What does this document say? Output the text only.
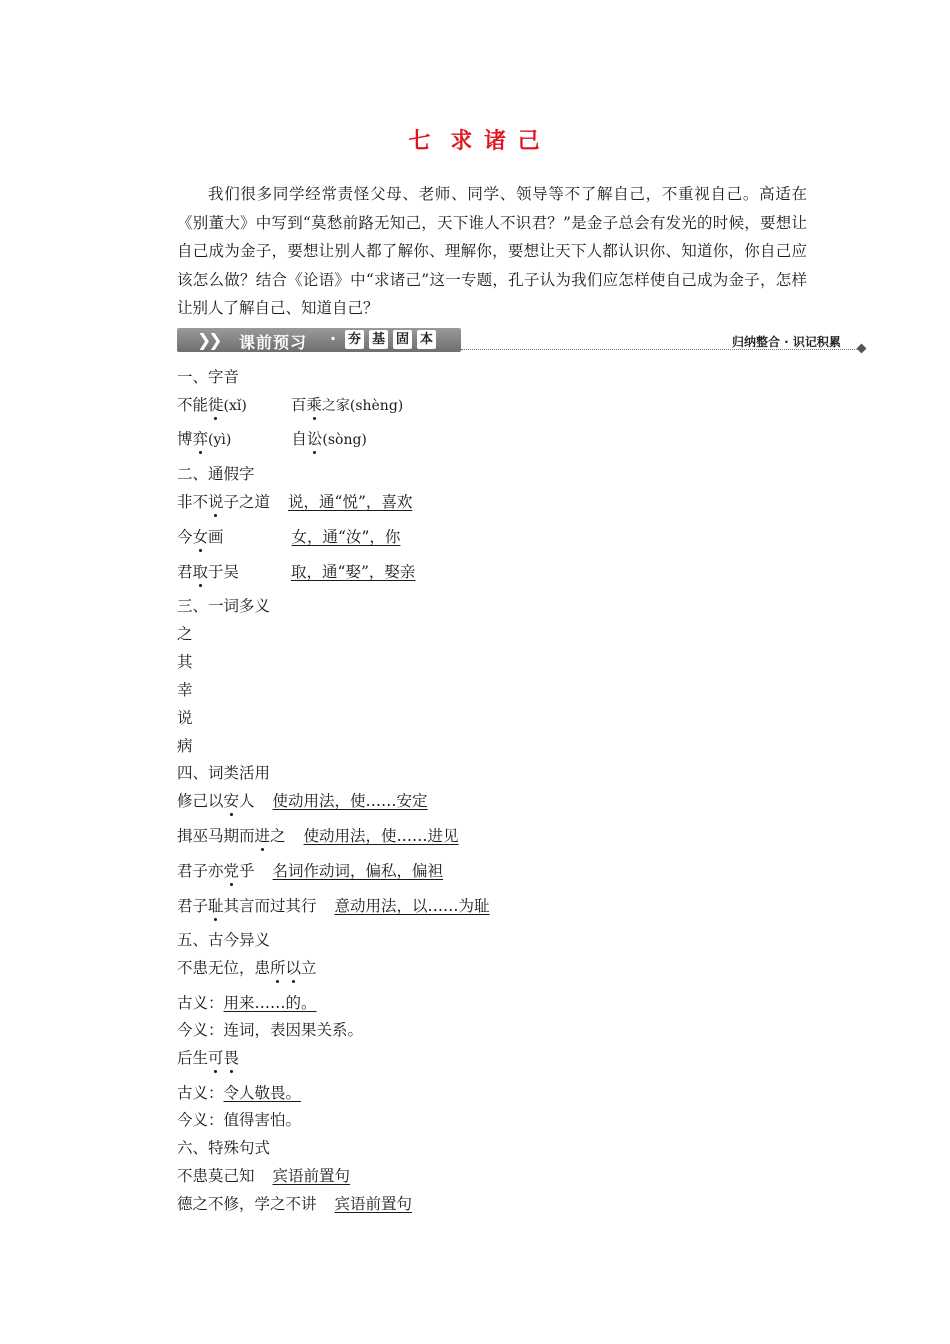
七 求 诸 己
我们很多同学经常责怪父母、老师、同学、领导等不了解自己，不重视自己。高适在《别董大》中写到“莫愁前路无知己，天下谁人不识君？”是金子总会有发光的时候，要想让自己成为金子，要想让别人都了解你、理解你，要想让天下人都认识你、知道你，你自己应该怎么做？结合《论语》中“求诸己”这一专题，孔子认为我们应怎样使自己成为金子，怎样让别人了解自己、知道自己？
❯❯ 课前预习 · 夯 基 固 本	归纳整合 · 识记积累
一、字音
不能徙(xǐ)	百乘之家(shèng)
博弈(yì)	自讼(sòng)
二、通假字
非不说子之道 说，通“悦”，喜欢
今女画	女，通“汝”，你
君取于吴	取，通“娶”，娶亲
三、一词多义
之
其
幸
说
病
四、词类活用
修己以安人 使动用法，使……安定
揖巫马期而进之 使动用法，使……进见
君子亦党乎 名词作动词，偏私，偏袒
君子耻其言而过其行 意动用法，以……为耻
五、古今异义
不患无位，患所以立
古义：用来……的。
今义：连词，表因果关系。
后生可畏
古义：令人敬畏。
今义：值得害怕。
六、特殊句式
不患莫己知 宾语前置句
德之不修，学之不讲 宾语前置句
